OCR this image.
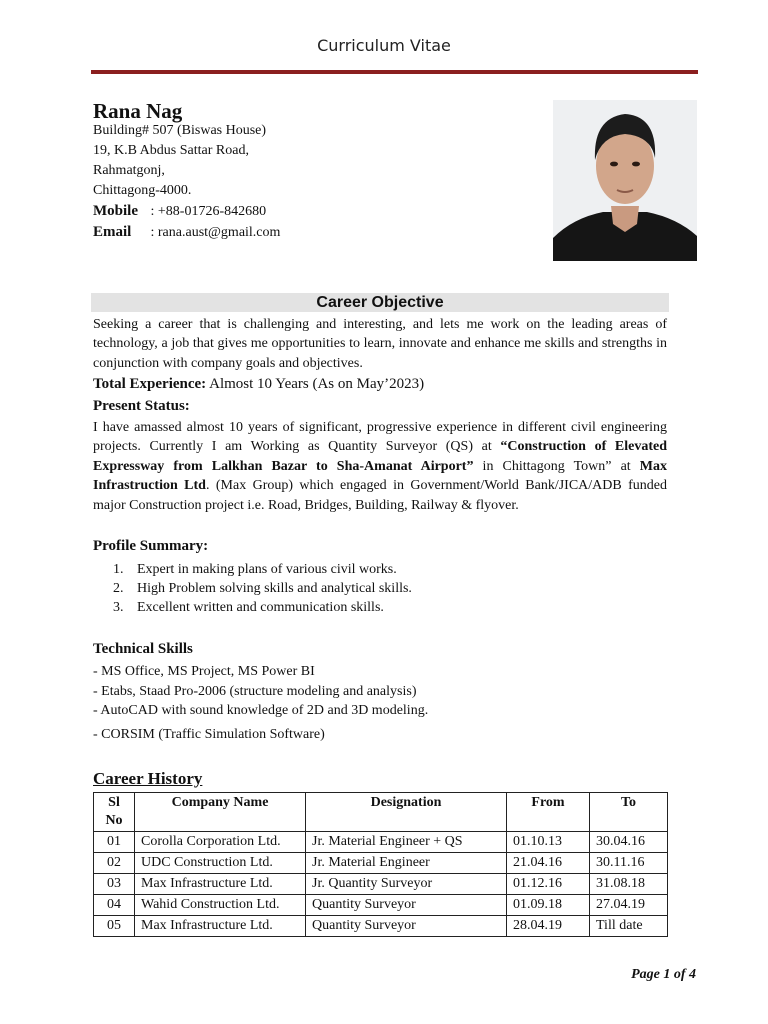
Curriculum Vitae
Rana Nag
Building# 507 (Biswas House)
19, K.B Abdus Sattar Road,
Rahmatgonj,
Chittagong-4000.
Mobile : +88-01726-842680
Email : rana.aust@gmail.com
Career Objective
Seeking a career that is challenging and interesting, and lets me work on the leading areas of technology, a job that gives me opportunities to learn, innovate and enhance me skills and strengths in conjunction with company goals and objectives.
Total Experience: Almost 10 Years (As on May’2023)
Present Status:
I have amassed almost 10 years of significant, progressive experience in different civil engineering projects. Currently I am Working as Quantity Surveyor (QS) at “Construction of Elevated Expressway from Lalkhan Bazar to Sha-Amanat Airport” in Chittagong Town” at Max Infrastruction Ltd. (Max Group) which engaged in Government/World Bank/JICA/ADB funded major Construction project i.e. Road, Bridges, Building, Railway & flyover.
Profile Summary:
1. Expert in making plans of various civil works.
2. High Problem solving skills and analytical skills.
3. Excellent written and communication skills.
Technical Skills
- MS Office, MS Project, MS Power BI
- Etabs, Staad Pro-2006 (structure modeling and analysis)
- AutoCAD with sound knowledge of 2D and 3D modeling.
- CORSIM (Traffic Simulation Software)
Career History
Sl No	Company Name	Designation	From	To
01	Corolla Corporation Ltd.	Jr. Material Engineer + QS	01.10.13	30.04.16
02	UDC Construction Ltd.	Jr. Material Engineer	21.04.16	30.11.16
03	Max Infrastructure Ltd.	Jr. Quantity Surveyor	01.12.16	31.08.18
04	Wahid Construction Ltd.	Quantity Surveyor	01.09.18	27.04.19
05	Max Infrastructure Ltd.	Quantity Surveyor	28.04.19	Till date
Page 1 of 4
